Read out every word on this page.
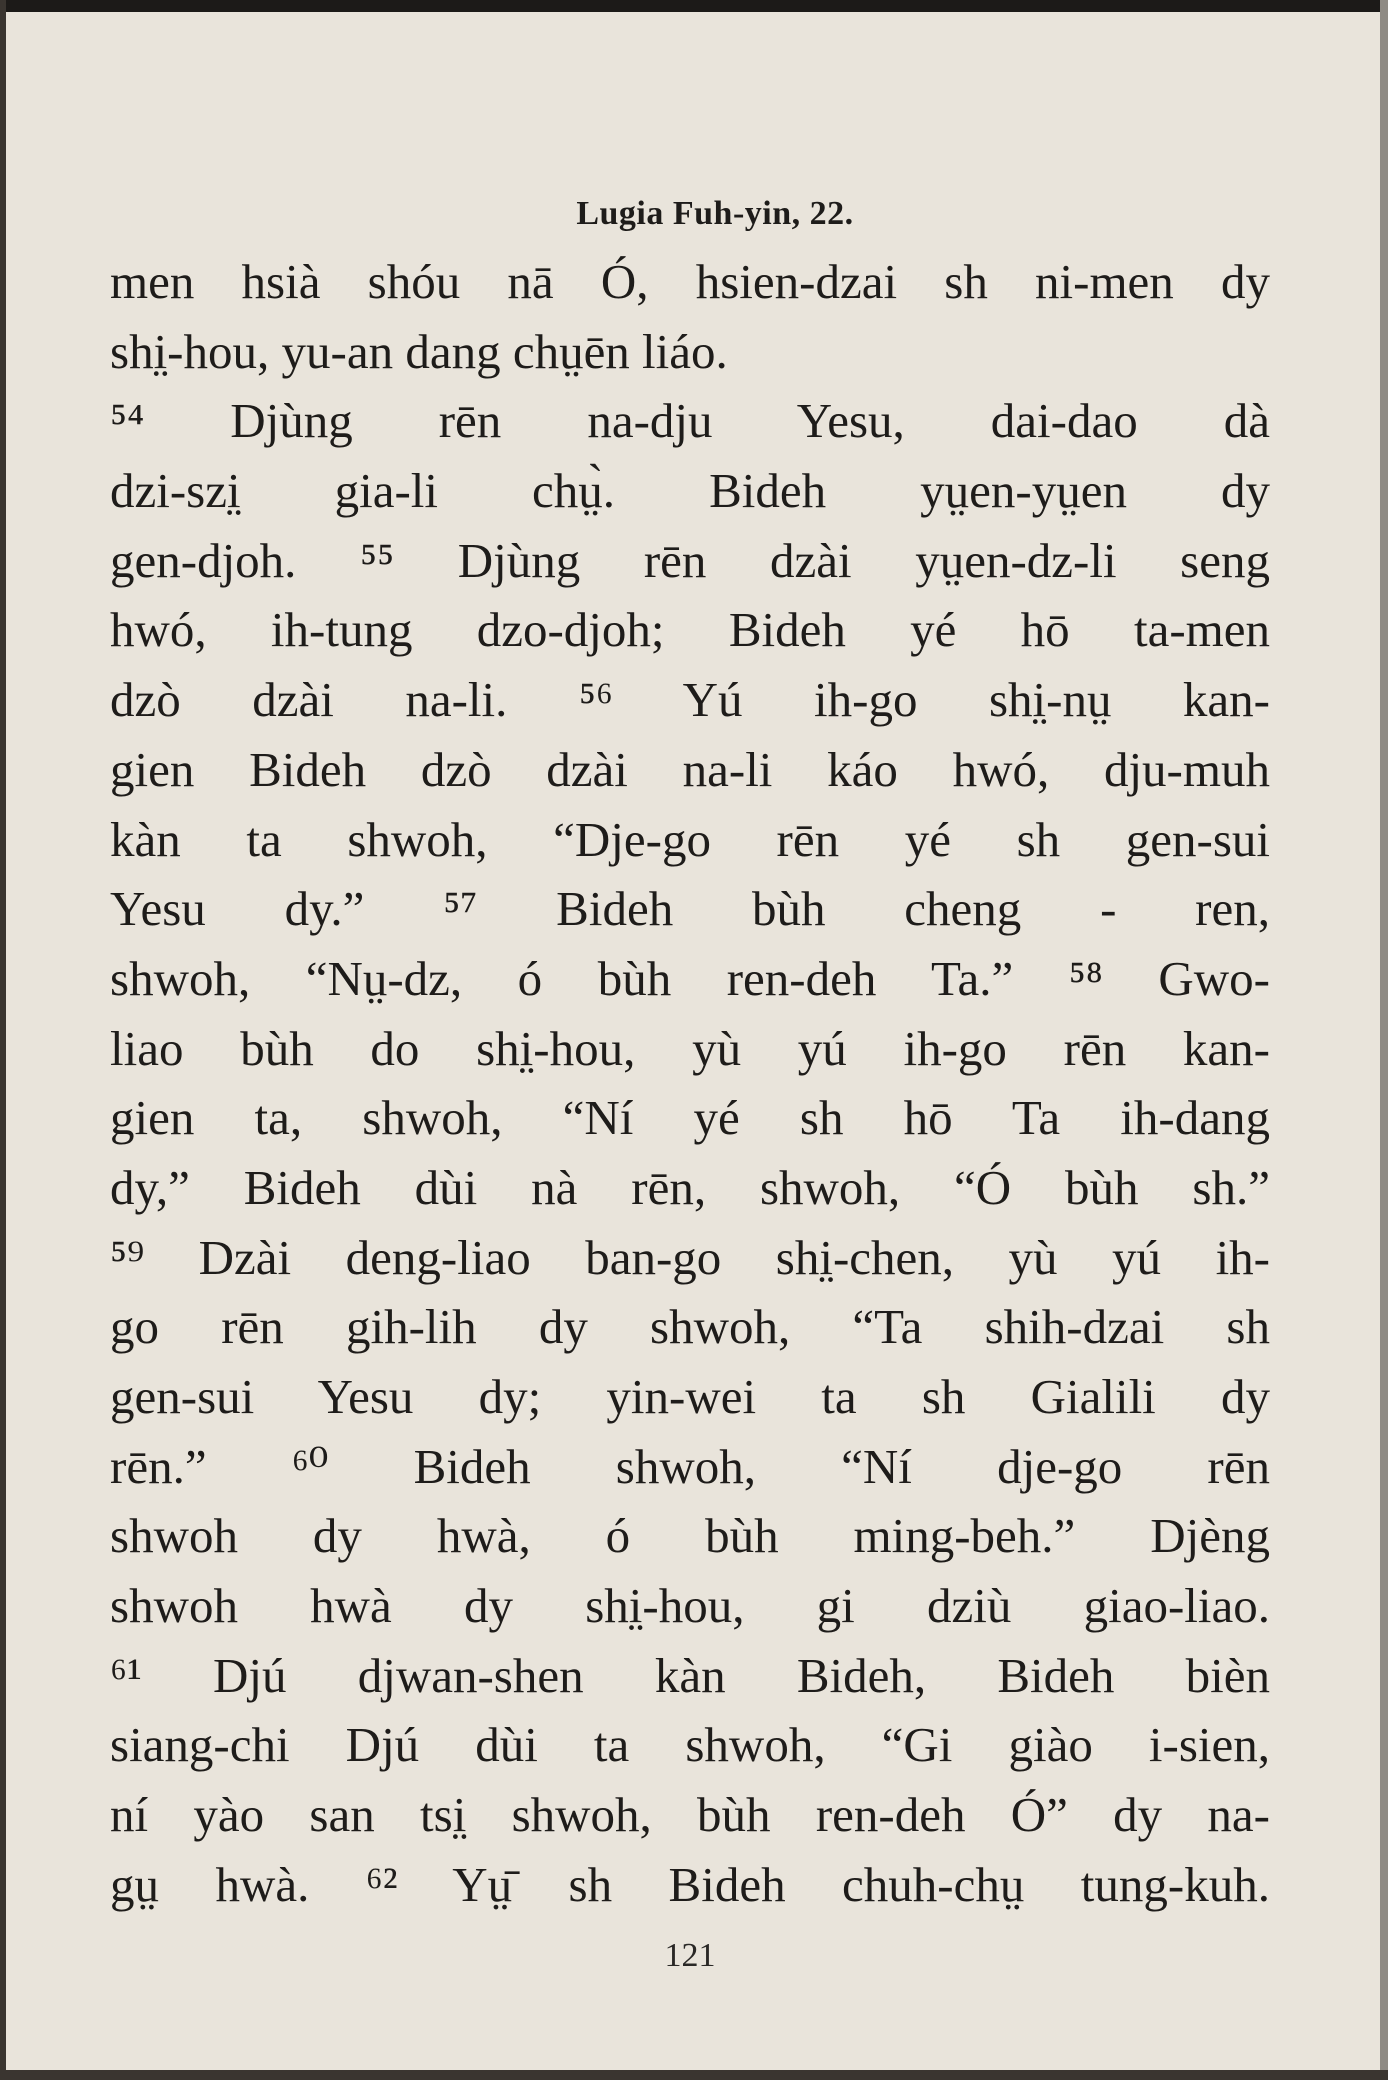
Lugia Fuh-yin, 22.
men hsià shóu nā Ó, hsien-dzai sh ni-men dy
shi̤-hou, yu-an dang chṳēn liáo.
⁵⁴ Djùng rēn na-dju Yesu, dai-dao dà
dzi-szi̤ gia-li chṳ̀. Bideh yṳen-yṳen dy
gen-djoh. ⁵⁵ Djùng rēn dzài yṳen-dz-li seng
hwó, ih-tung dzo-djoh; Bideh yé hō ta-men
dzò dzài na-li. ⁵⁶ Yú ih-go shi̤-nṳ kan-
gien Bideh dzò dzài na-li káo hwó, dju-muh
kàn ta shwoh, “Dje-go rēn yé sh gen-sui
Yesu dy.” ⁵⁷ Bideh bùh cheng - ren,
shwoh, “Nṳ-dz, ó bùh ren-deh Ta.” ⁵⁸ Gwo-
liao bùh do shi̤-hou, yù yú ih-go rēn kan-
gien ta, shwoh, “Ní yé sh hō Ta ih-dang
dy,” Bideh dùi nà rēn, shwoh, “Ó bùh sh.”
⁵⁹ Dzài deng-liao ban-go shi̤-chen, yù yú ih-
go rēn gih-lih dy shwoh, “Ta shih-dzai sh
gen-sui Yesu dy; yin-wei ta sh Gialili dy
rēn.” ⁶⁰ Bideh shwoh, “Ní dje-go rēn
shwoh dy hwà, ó bùh ming-beh.” Djèng
shwoh hwà dy shi̤-hou, gi dziù giao-liao.
⁶¹ Djú djwan-shen kàn Bideh, Bideh bièn
siang-chi Djú dùi ta shwoh, “Gi giào i-sien,
ní yào san tsi̤ shwoh, bùh ren-deh Ó” dy na-
gṳ hwà. ⁶² Yṳ̄ sh Bideh chuh-chṳ tung-kuh.
121
